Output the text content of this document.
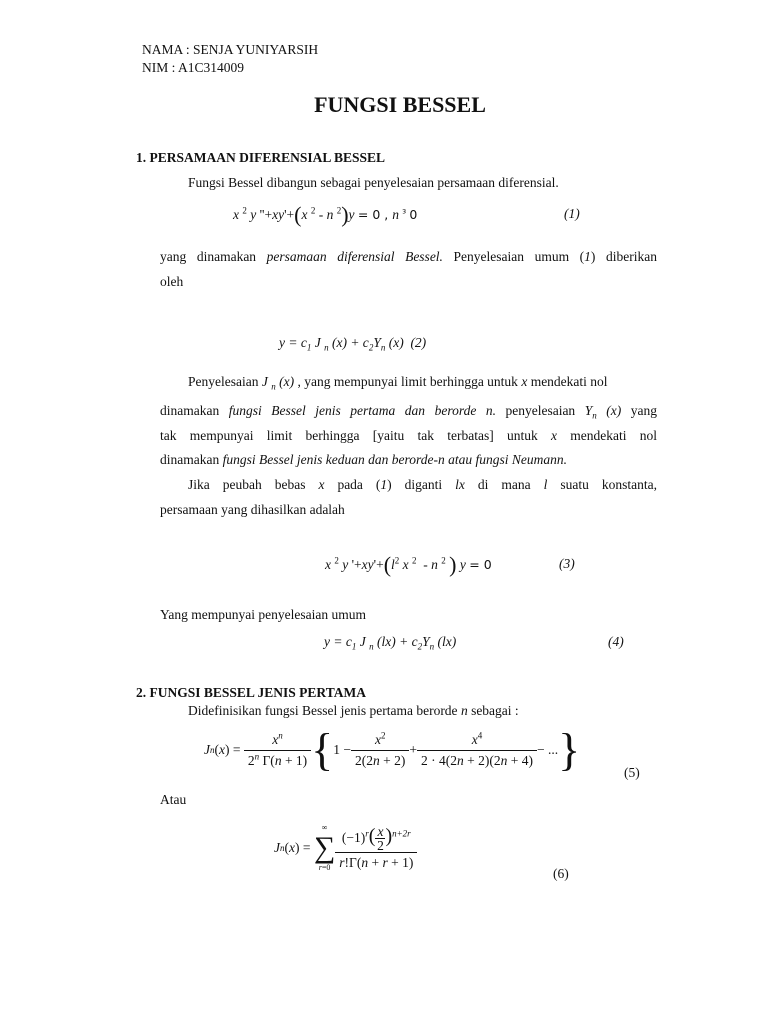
NAMA : SENJA YUNIYARSIH
NIM : A1C314009
FUNGSI BESSEL
1. PERSAMAAN DIFERENSIAL BESSEL
Fungsi Bessel dibangun sebagai penyelesaian persamaan diferensial.
x $^2$ y ''+xy'+(x $^2$ - n $^2$)y = 0 , n $^з$ 0	(1)
yang dinamakan persamaan diferensial Bessel. Penyelesaian umum (1) diberikan
oleh
$y = c_1$ J $_n$ $(x) + c_2Y_n$ (x)  (2)
Penyelesaian J $_n$ (x) , yang mempunyai limit berhingga untuk x mendekati nol
dinamakan fungsi Bessel jenis pertama dan berorde n. penyelesaian $Y_n$ (x) yang
tak mempunyai limit berhingga [yaitu tak terbatas] untuk x mendekati nol
dinamakan fungsi Bessel jenis keduan dan berorde-n atau fungsi Neumann.
Jika peubah bebas x pada (1) diganti lx di mana l suatu konstanta,
persamaan yang dihasilkan adalah
x $^2$ y '$+xy'+(l^2$ x $^2$  - n $^2$ ) y = 0	(3)
Yang mempunyai penyelesaian umum
$y = c_1$ J $_n$ $(lx) + c_2Y_n$ (lx)	(4)
2. FUNGSI BESSEL JENIS PERTAMA
Didefinisikan fungsi Bessel jenis pertama berorde n sebagai :
J n ( x ) = $\frac{x^n}{2^n \Gamma(n + 1)}$ { $1 - \frac{x^2}{2(2n + 2)} + \frac{x^4}{2 \cdot 4(2n + 2)(2n + 4)}$ − ... }	(5)
Atau
J n ( x ) =
∞
∑
$r=0 \frac{(-1)^r( \frac{x}{2} )^{n+2r}}{r!\Gamma(n + r + 1)}$
(6)
